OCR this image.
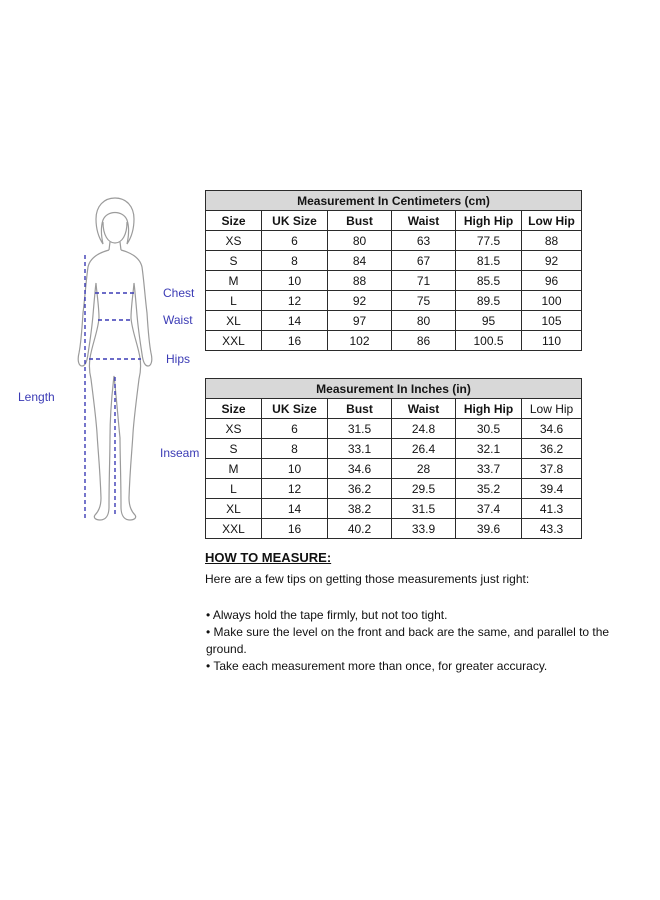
Chest
Waist
Hips
Length
Inseam
Measurement In Centimeters (cm)					
Size	UK Size	Bust	Waist	High Hip	Low Hip
XS	6	80	63	77.5	88
S	8	84	67	81.5	92
M	10	88	71	85.5	96
L	12	92	75	89.5	100
XL	14	97	80	95	105
XXL	16	102	86	100.5	110
Measurement In Inches (in)					
Size	UK Size	Bust	Waist	High Hip	Low Hip
XS	6	31.5	24.8	30.5	34.6
S	8	33.1	26.4	32.1	36.2
M	10	34.6	28	33.7	37.8
L	12	36.2	29.5	35.2	39.4
XL	14	38.2	31.5	37.4	41.3
XXL	16	40.2	33.9	39.6	43.3
HOW TO MEASURE:
Here are a few tips on getting those measurements just right:
• Always hold the tape firmly, but not too tight.
• Make sure the level on the front and back are the same, and parallel to the ground.
• Take each measurement more than once, for greater accuracy.
